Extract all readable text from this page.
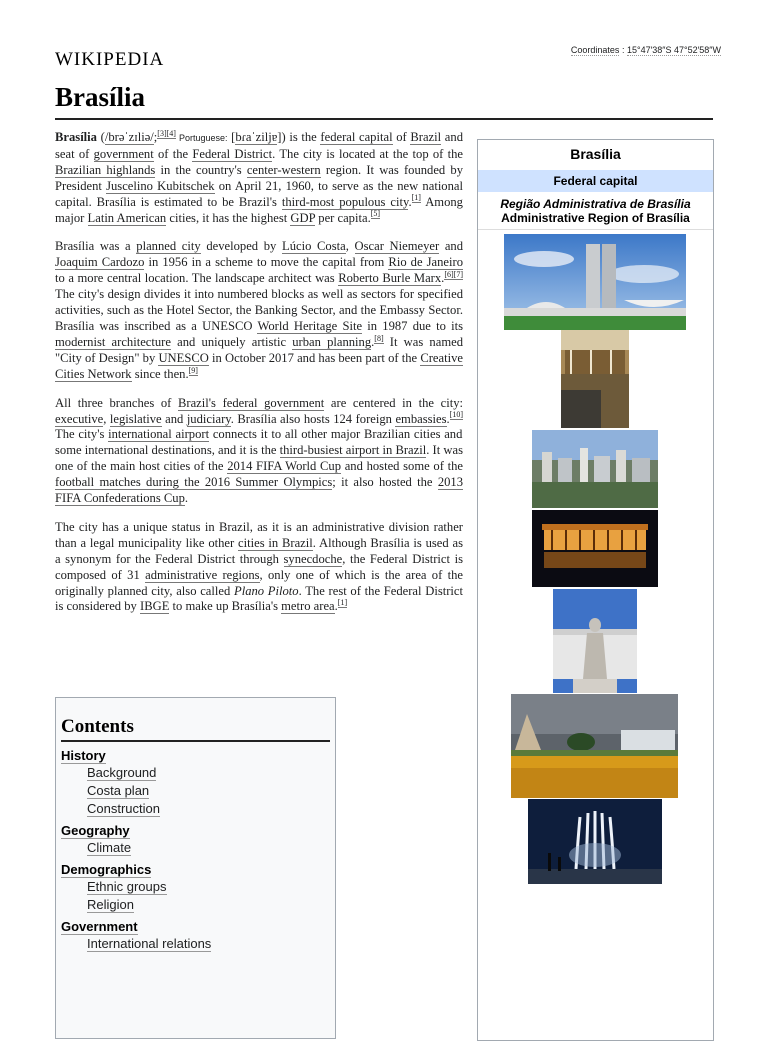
WIKIPEDIA	Coordinates : 15°47′38″S 47°52′58″W
Brasília

Brasília (/brəˈzɪliə/;[3][4] Portuguese: [bɾaˈziljɐ]) is the federal capital of Brazil and seat of government of the Federal District. The city is located at the top of the Brazilian highlands in the country's center-western region. It was founded by President Juscelino Kubitschek on April 21, 1960, to serve as the new national capital. Brasília is estimated to be Brazil's third-most populous city.[1] Among major Latin American cities, it has the highest GDP per capita.[5]

Brasília was a planned city developed by Lúcio Costa, Oscar Niemeyer and Joaquim Cardozo in 1956 in a scheme to move the capital from Rio de Janeiro to a more central location. The landscape architect was Roberto Burle Marx.[6][7] The city's design divides it into numbered blocks as well as sectors for specified activities, such as the Hotel Sector, the Banking Sector, and the Embassy Sector. Brasília was inscribed as a UNESCO World Heritage Site in 1987 due to its modernist architecture and uniquely artistic urban planning.[8] It was named "City of Design" by UNESCO in October 2017 and has been part of the Creative Cities Network since then.[9]

All three branches of Brazil's federal government are centered in the city: executive, legislative and judiciary. Brasília also hosts 124 foreign embassies.[10] The city's international airport connects it to all other major Brazilian cities and some international destinations, and it is the third-busiest airport in Brazil. It was one of the main host cities of the 2014 FIFA World Cup and hosted some of the football matches during the 2016 Summer Olympics; it also hosted the 2013 FIFA Confederations Cup.

The city has a unique status in Brazil, as it is an administrative division rather than a legal municipality like other cities in Brazil. Although Brasília is used as a synonym for the Federal District through synecdoche, the Federal District is composed of 31 administrative regions, only one of which is the area of the originally planned city, also called Plano Piloto. The rest of the Federal District is considered by IBGE to make up Brasília's metro area.[1]

Contents
History
Background
Costa plan
Construction
Geography
Climate
Demographics
Ethnic groups
Religion
Government
International relations
Brasília
Federal capital
Região Administrativa de Brasília
Administrative Region of Brasília
